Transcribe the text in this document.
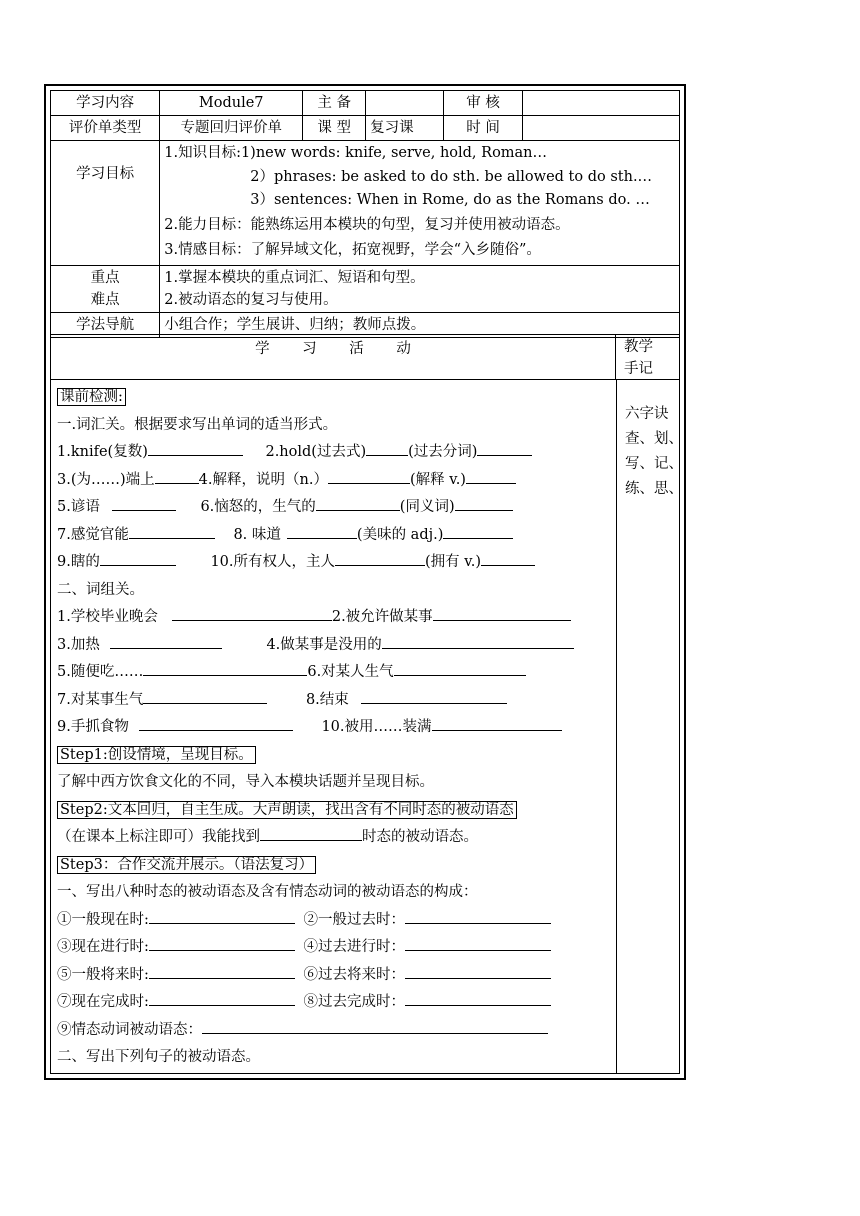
学习内容	Module7	主 备		审 核	
评价单类型	专题回归评价单	课 型	复习课	时 间	
学习目标	1.知识目标:1)new words: knife, serve, hold, Roman…
2）phrases: be asked to do sth. be allowed to do sth.…
3）sentences: When in Rome, do as the Romans do. …
2.能力目标：能熟练运用本模块的句型，复习并使用被动语态。
3.情感目标：了解异域文化，拓宽视野，学会“入乡随俗”。				

重点
难点	1.掌握本模块的重点词汇、短语和句型。
2.被动语态的复习与使用。				

学法导航	小组合作；学生展讲、归纳；教师点拨。				
学 习 活 动	教学
手记
六字诀
查、划、
写、记、
练、思、
课前检测:
一.词汇关。根据要求写出单词的适当形式。
1.knife(复数)	2.hold(过去式)	(过去分词)
3.(为……)端上	4.解释，说明（n.）	(解释 v.)
5.谚语	6.恼怒的，生气的	(同义词)
7.感觉官能	8. 味道	(美味的 adj.)
9.瞎的	10.所有权人，主人	(拥有 v.)
二、词组关。
1.学校毕业晚会	2.被允许做某事
3.加热	4.做某事是没用的
5.随便吃……	6.对某人生气
7.对某事生气	8.结束
9.手抓食物	10.被用……装满
Step1:创设情境，呈现目标。
了解中西方饮食文化的不同，导入本模块话题并呈现目标。
Step2:文本回归，自主生成。大声朗读，找出含有不同时态的被动语态
（在课本上标注即可）我能找到	时态的被动语态。
Step3：合作交流并展示。（语法复习）
一、写出八种时态的被动语态及含有情态动词的被动语态的构成：
①一般现在时:	②一般过去时：
③现在进行时:	④过去进行时：
⑤一般将来时:	⑥过去将来时：
⑦现在完成时:	⑧过去完成时：
⑨情态动词被动语态：
二、写出下列句子的被动语态。
